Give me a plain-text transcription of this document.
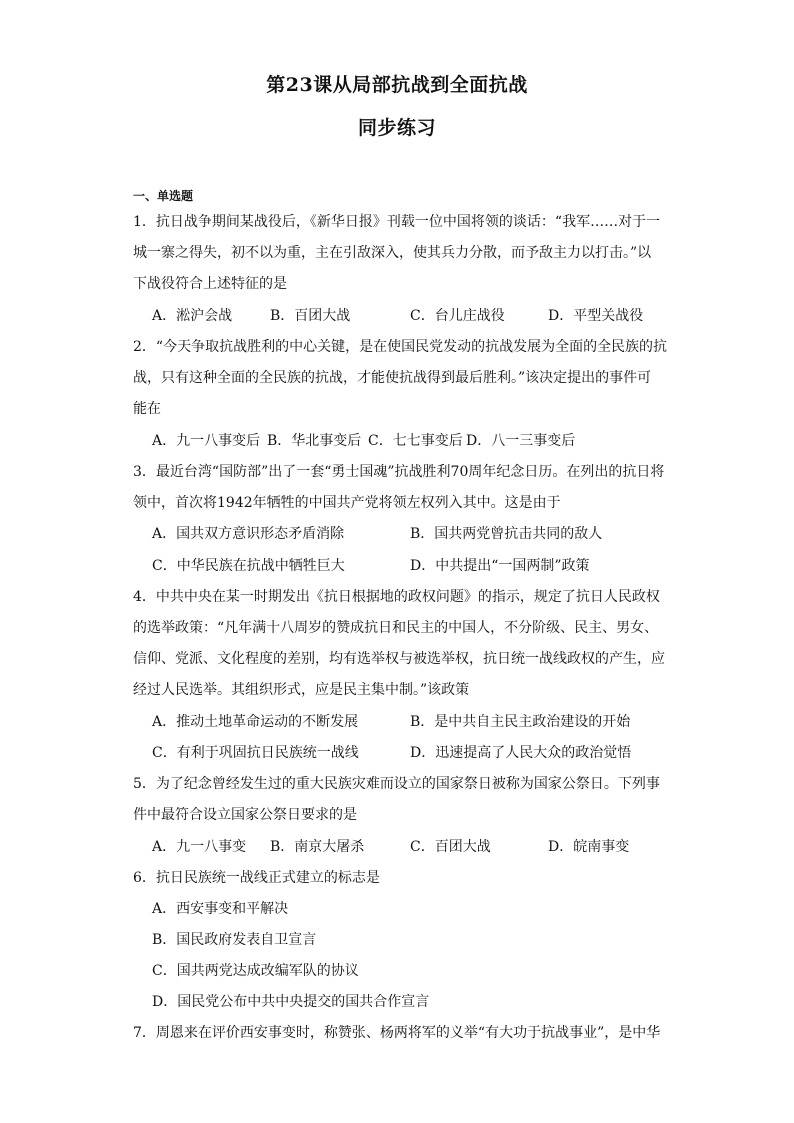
第23课从局部抗战到全面抗战
同步练习
一、单选题
1．抗日战争期间某战役后，《新华日报》刊载一位中国将领的谈话：“我军……对于一
城一寨之得失，初不以为重，主在引敌深入，使其兵力分散，而予敌主力以打击。”以
下战役符合上述特征的是
A．淞沪会战	B．百团大战	C．台儿庄战役	D．平型关战役
2．“今天争取抗战胜利的中心关键，是在使国民党发动的抗战发展为全面的全民族的抗
战，只有这种全面的全民族的抗战，才能使抗战得到最后胜利。”该决定提出的事件可
能在
A．九一八事变后 B．华北事变后 C．七七事变后 D．八一三事变后
3．最近台湾“国防部”出了一套“勇士国魂”抗战胜利70周年纪念日历。在列出的抗日将
领中，首次将1942年牺牲的中国共产党将领左权列入其中。这是由于
A．国共双方意识形态矛盾消除	B．国共两党曾抗击共同的敌人
C．中华民族在抗战中牺牲巨大	D．中共提出“一国两制”政策
4．中共中央在某一时期发出《抗日根据地的政权问题》的指示，规定了抗日人民政权
的选举政策：“凡年满十八周岁的赞成抗日和民主的中国人，不分阶级、民主、男女、
信仰、党派、文化程度的差别，均有选举权与被选举权，抗日统一战线政权的产生，应
经过人民选举。其组织形式，应是民主集中制。”该政策
A．推动土地革命运动的不断发展	B．是中共自主民主政治建设的开始
C．有利于巩固抗日民族统一战线	D．迅速提高了人民大众的政治觉悟
5．为了纪念曾经发生过的重大民族灾难而设立的国家祭日被称为国家公祭日。下列事
件中最符合设立国家公祭日要求的是
A．九一八事变 B．南京大屠杀	C．百团大战	D．皖南事变
6．抗日民族统一战线正式建立的标志是
A．西安事变和平解决
B．国民政府发表自卫宣言
C．国共两党达成改编军队的协议
D．国民党公布中共中央提交的国共合作宣言
7．周恩来在评价西安事变时，称赞张、杨两将军的义举“有大功于抗战事业”，是中华
